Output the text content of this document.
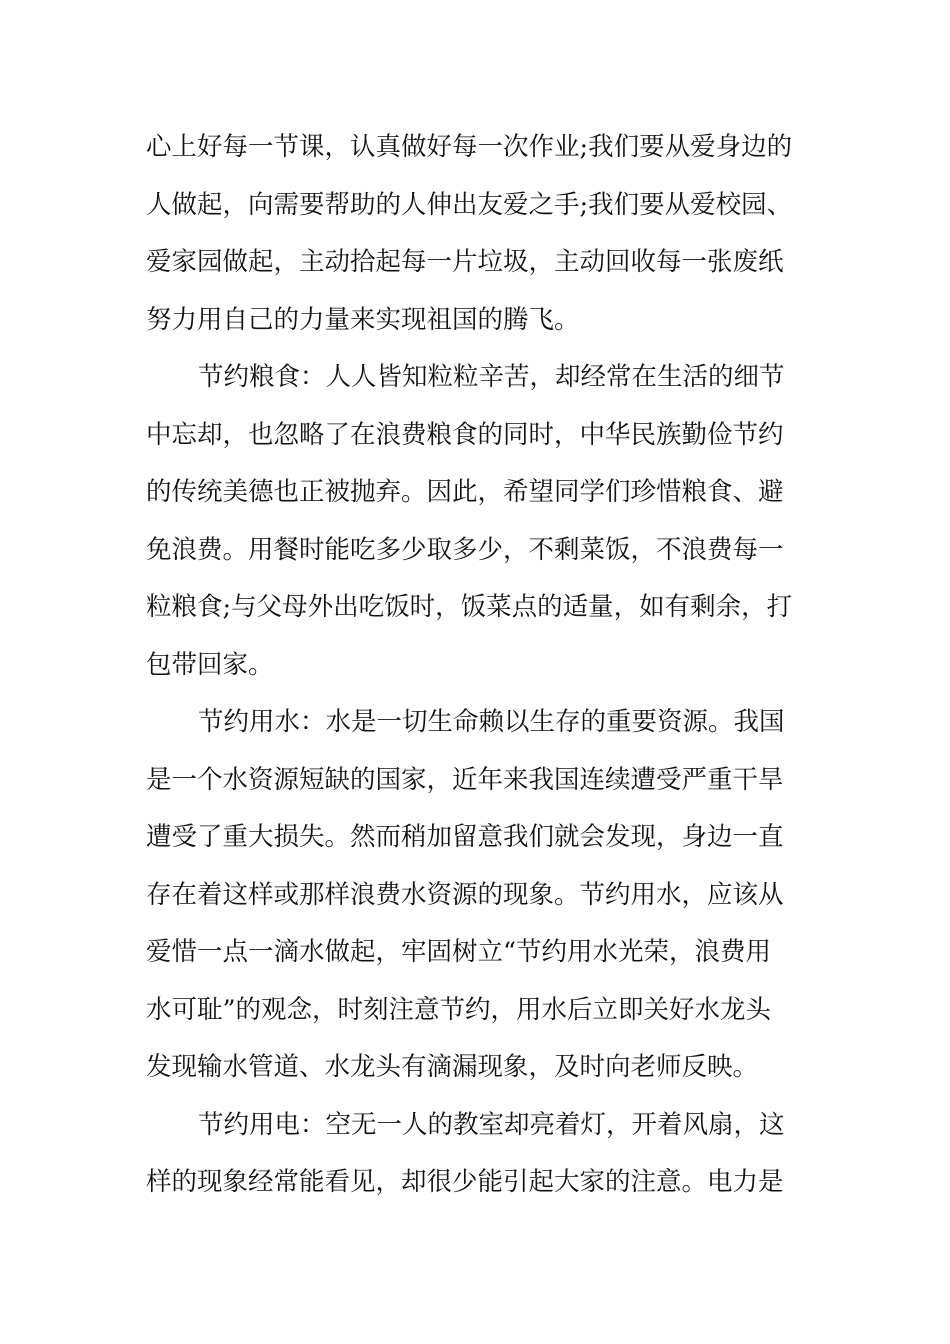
心上好每一节课，认真做好每一次作业;我们要从爱身边的
人做起，向需要帮助的人伸出友爱之手;我们要从爱校园、
爱家园做起，主动拾起每一片垃圾，主动回收每一张废纸
努力用自己的力量来实现祖国的腾飞。
节约粮食：人人皆知粒粒辛苦，却经常在生活的细节
中忘却，也忽略了在浪费粮食的同时，中华民族勤俭节约
的传统美德也正被抛弃。因此，希望同学们珍惜粮食、避
免浪费。用餐时能吃多少取多少，不剩菜饭，不浪费每一
粒粮食;与父母外出吃饭时，饭菜点的适量，如有剩余，打
包带回家。
节约用水：水是一切生命赖以生存的重要资源。我国
是一个水资源短缺的国家，近年来我国连续遭受严重干旱
遭受了重大损失。然而稍加留意我们就会发现，身边一直
存在着这样或那样浪费水资源的现象。节约用水，应该从
爱惜一点一滴水做起，牢固树立“节约用水光荣，浪费用
水可耻”的观念，时刻注意节约，用水后立即关好水龙头
发现输水管道、水龙头有滴漏现象，及时向老师反映。
节约用电：空无一人的教室却亮着灯，开着风扇，这
样的现象经常能看见，却很少能引起大家的注意。电力是
